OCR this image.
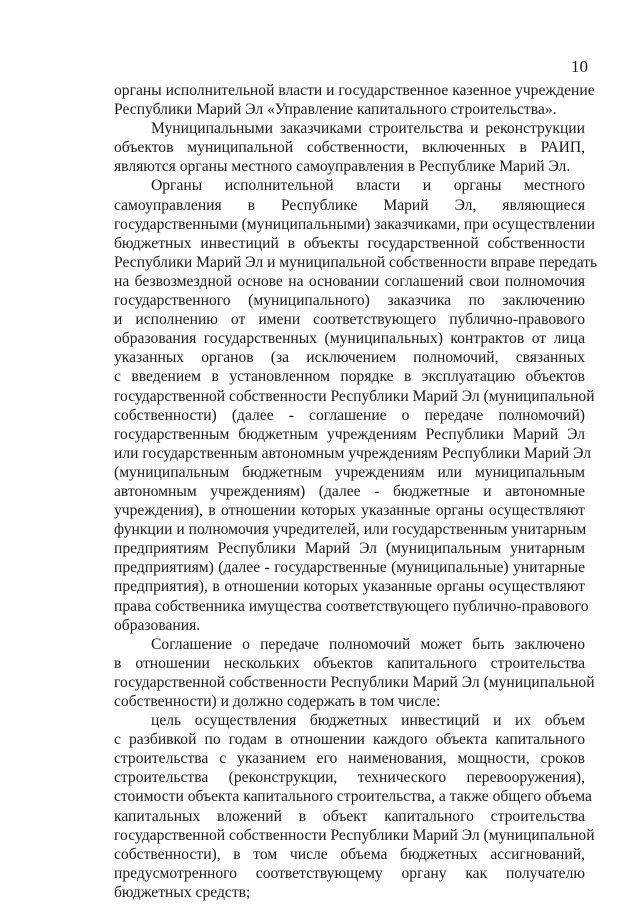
10
органы исполнительной власти и государственное казенное учреждение
Республики Марий Эл «Управление капитального строительства».
Муниципальными заказчиками строительства и реконструкции
объектов муниципальной собственности, включенных в РАИП,
являются органы местного самоуправления в Республике Марий Эл.
Органы исполнительной власти и органы местного
самоуправления в Республике Марий Эл, являющиеся
государственными (муниципальными) заказчиками, при осуществлении
бюджетных инвестиций в объекты государственной собственности
Республики Марий Эл и муниципальной собственности вправе передать
на безвозмездной основе на основании соглашений свои полномочия
государственного (муниципального) заказчика по заключению
и исполнению от имени соответствующего публично-правового
образования государственных (муниципальных) контрактов от лица
указанных органов (за исключением полномочий, связанных
с введением в установленном порядке в эксплуатацию объектов
государственной собственности Республики Марий Эл (муниципальной
собственности) (далее - соглашение о передаче полномочий)
государственным бюджетным учреждениям Республики Марий Эл
или государственным автономным учреждениям Республики Марий Эл
(муниципальным бюджетным учреждениям или муниципальным
автономным учреждениям) (далее - бюджетные и автономные
учреждения), в отношении которых указанные органы осуществляют
функции и полномочия учредителей, или государственным унитарным
предприятиям Республики Марий Эл (муниципальным унитарным
предприятиям) (далее - государственные (муниципальные) унитарные
предприятия), в отношении которых указанные органы осуществляют
права собственника имущества соответствующего публично-правового
образования.
Соглашение о передаче полномочий может быть заключено
в отношении нескольких объектов капитального строительства
государственной собственности Республики Марий Эл (муниципальной
собственности) и должно содержать в том числе:
цель осуществления бюджетных инвестиций и их объем
с разбивкой по годам в отношении каждого объекта капитального
строительства с указанием его наименования, мощности, сроков
строительства (реконструкции, технического перевооружения),
стоимости объекта капитального строительства, а также общего объема
капитальных вложений в объект капитального строительства
государственной собственности Республики Марий Эл (муниципальной
собственности), в том числе объема бюджетных ассигнований,
предусмотренного соответствующему органу как получателю
бюджетных средств;
